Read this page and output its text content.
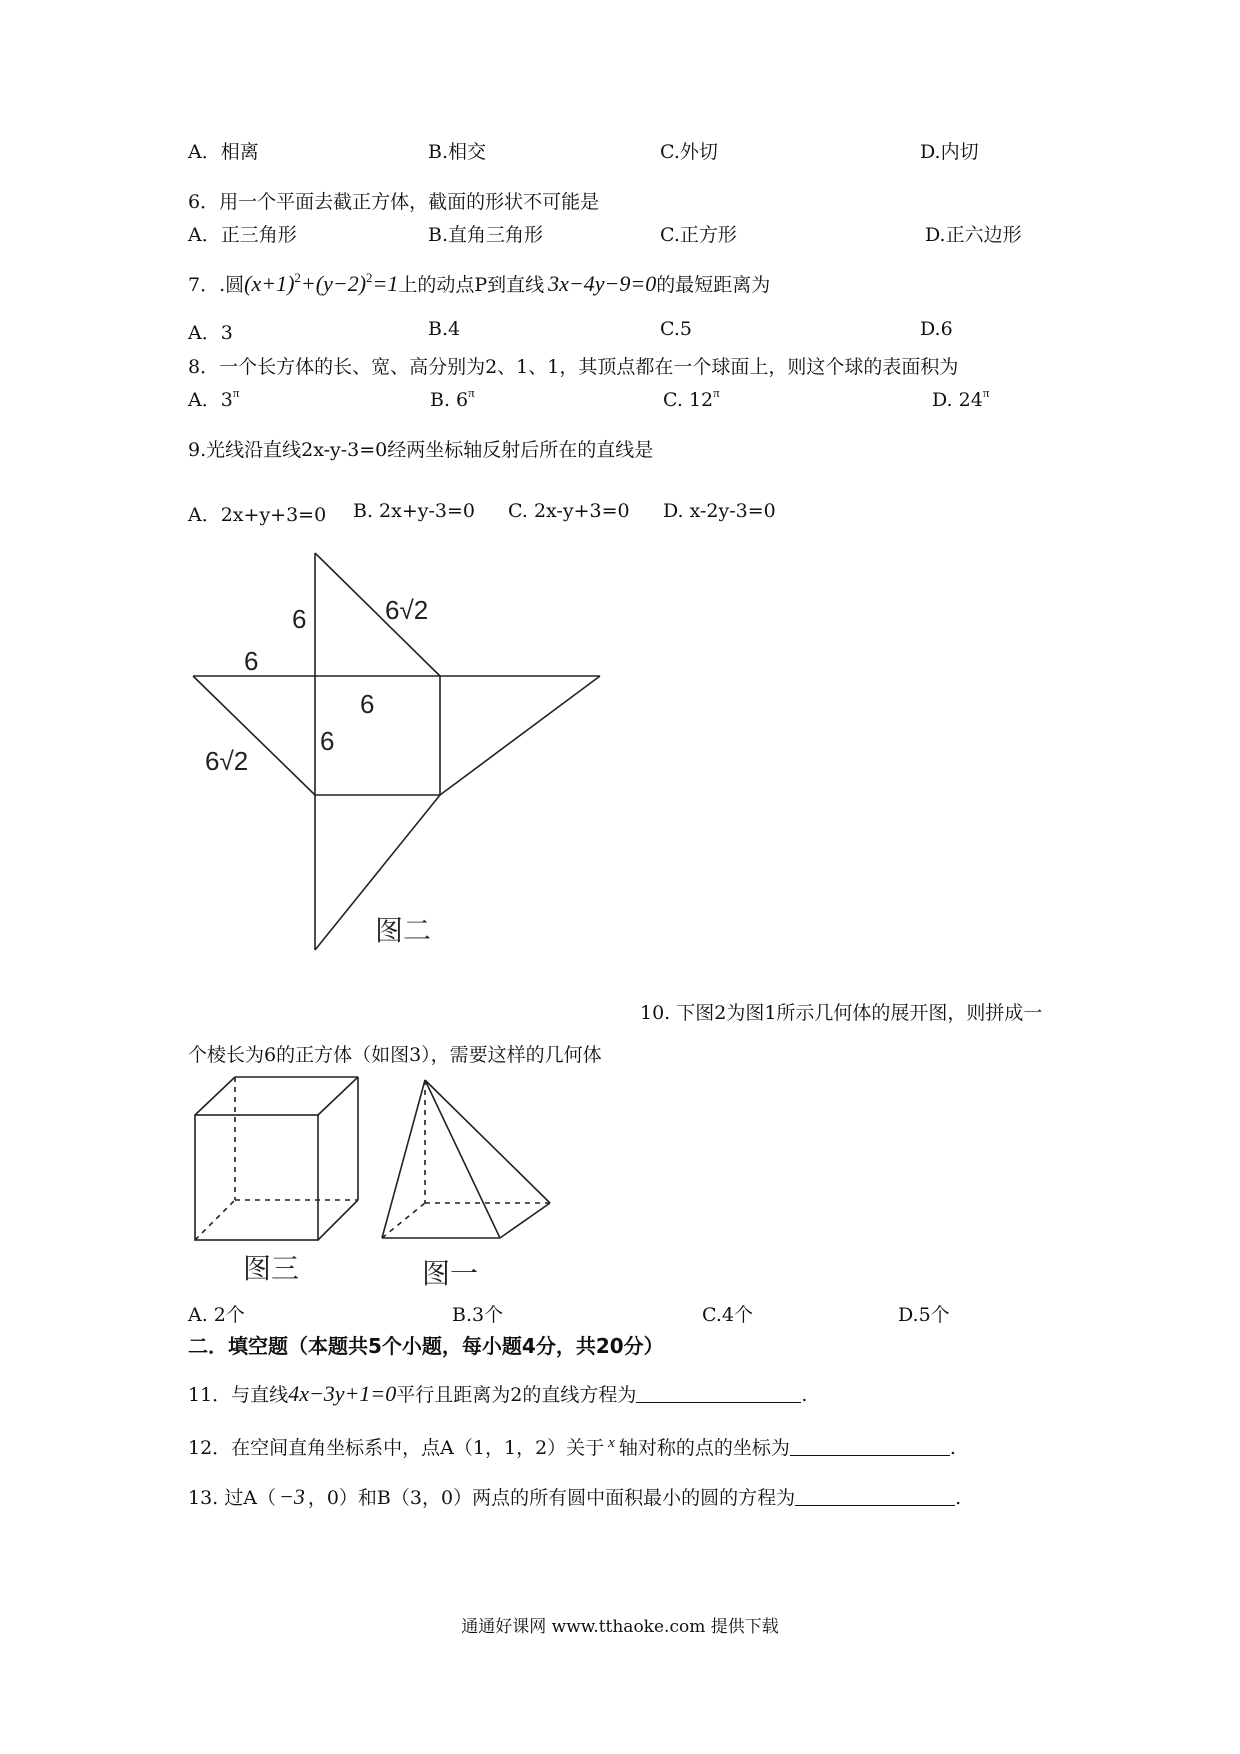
A．相离	B.相交	C.外切	D.内切
6．用一个平面去截正方体，截面的形状不可能是
A．正三角形	B.直角三角形	C.正方形	D.正六边形
7．.圆$(x+1)^2+(y-2)^2=1$上的动点P到直线 3x−4y−9=0的最短距离为
A．3	B.4	C.5	D.6
8．一个长方体的长、宽、高分别为2、1、1，其顶点都在一个球面上，则这个球的表面积为
A．$3^\pi$	B. $6^\pi$	C. $12^\pi$	D. $24^\pi$
9.光线沿直线2x-y-3=0经两坐标轴反射后所在的直线是
A．2x+y+3=0 B. 2x+y-3=0 C. 2x-y+3=0 D. x-2y-3=0
6	6√2
6
6
6
6√2
图二
10. 下图2为图1所示几何体的展开图，则拼成一
个棱长为6的正方体（如图3），需要这样的几何体
图三	图一
A. 2个	B.3个	C.4个	D.5个
二．填空题（本题共5个小题，每小题4分，共20分）
11．与直线4x−3y+1=0平行且距离为2的直线方程为	.
12．在空间直角坐标系中，点A（1，1，2）关于 $^x$ 轴对称的点的坐标为	.
13. 过A（ −3 ，0）和B（3，0）两点的所有圆中面积最小的圆的方程为	.
通通好课网 www.tthaoke.com 提供下载
